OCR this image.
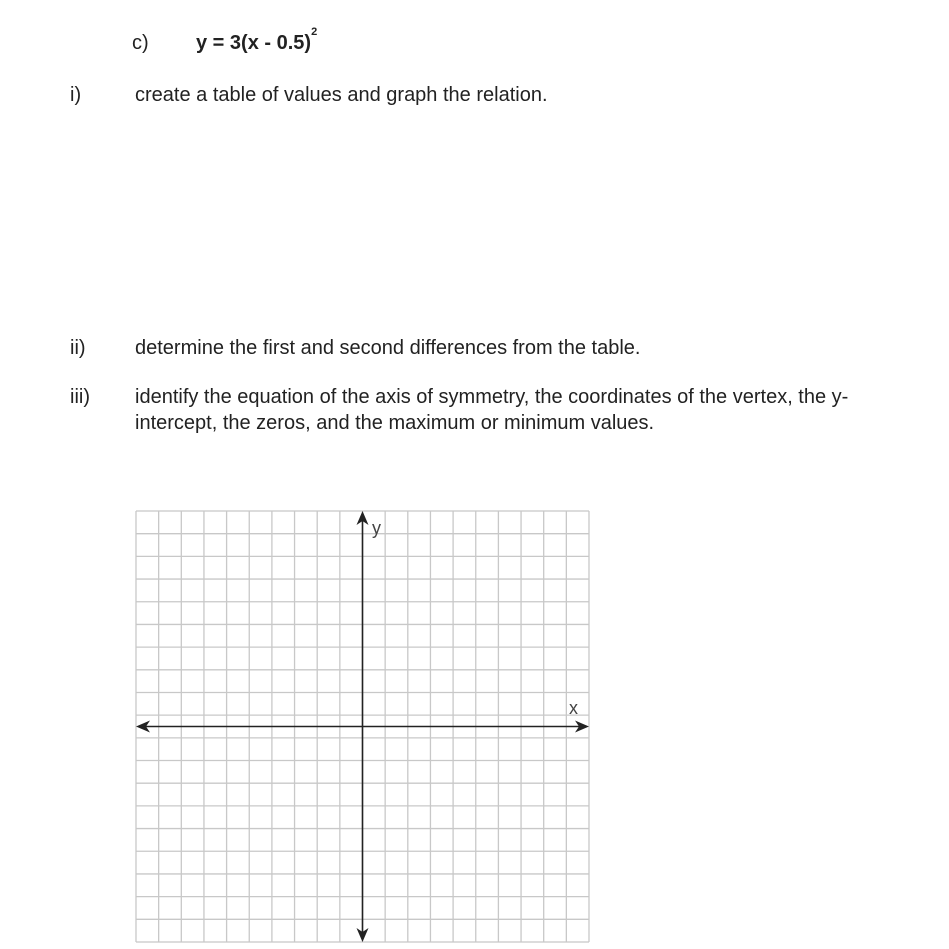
c) y = 3(x - 0.5)$^2$
i)	create a table of values and graph the relation.
ii) determine the first and second differences from the table.
iii) identify the equation of the axis of symmetry, the coordinates of the vertex, the y-intercept, the zeros, and the maximum or minimum values.
x
y
